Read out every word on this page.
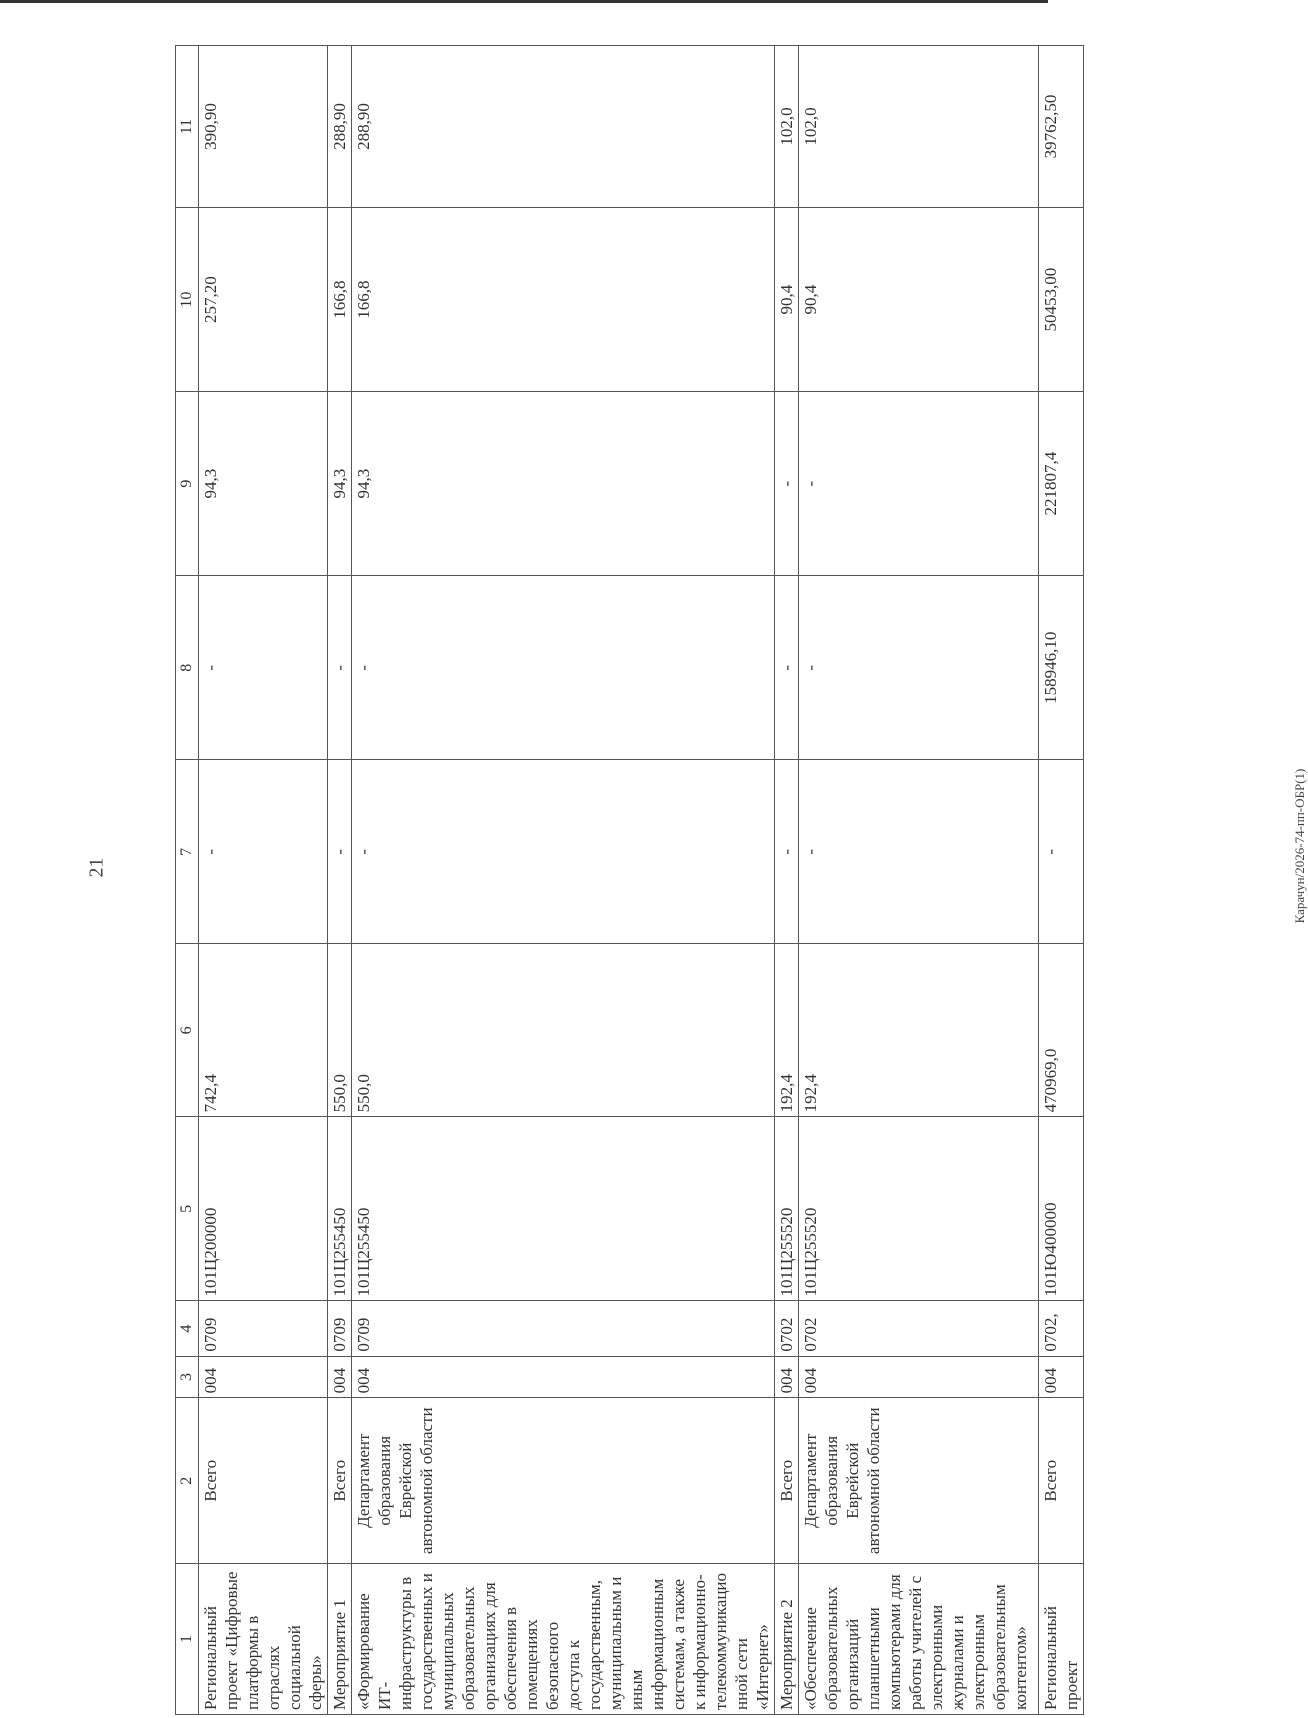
21	Карачун/2026-74-пп-ОБР(1)
1	2	3	4	5	6	7	8	9	10	11
Региональный проект «Цифровые платформы в отраслях социальной сферы»	Всего	004	0709	101Ц200000	742,4	-	-	94,3	257,20	390,90
Мероприятие 1	Всего	004	0709	101Ц255450	550,0	-	-	94,3	166,8	288,90
«Формирование ИТ-инфраструктуры в государственных и муниципальных образовательных организациях для обеспечения в помещениях безопасного доступа к государственным, муниципальным и иным информационным системам, а также к информационно-телекоммуникационной сети «Интернет»	Департамент образования Еврейской автономной области	004	0709	101Ц255450	550,0	-	-	94,3	166,8	288,90
Мероприятие 2	Всего	004	0702	101Ц255520	192,4	-	-	-	90,4	102,0
«Обеспечение образовательных организаций планшетными компьютерами для работы учителей с электронными журналами и электронным образовательным контентом»	Департамент образования Еврейской автономной области	004	0702	101Ц255520	192,4	-	-	-	90,4	102,0
Региональный проект	Всего	004	0702,	101Ю400000	470969,0	-	158946,10	221807,4	50453,00	39762,50
